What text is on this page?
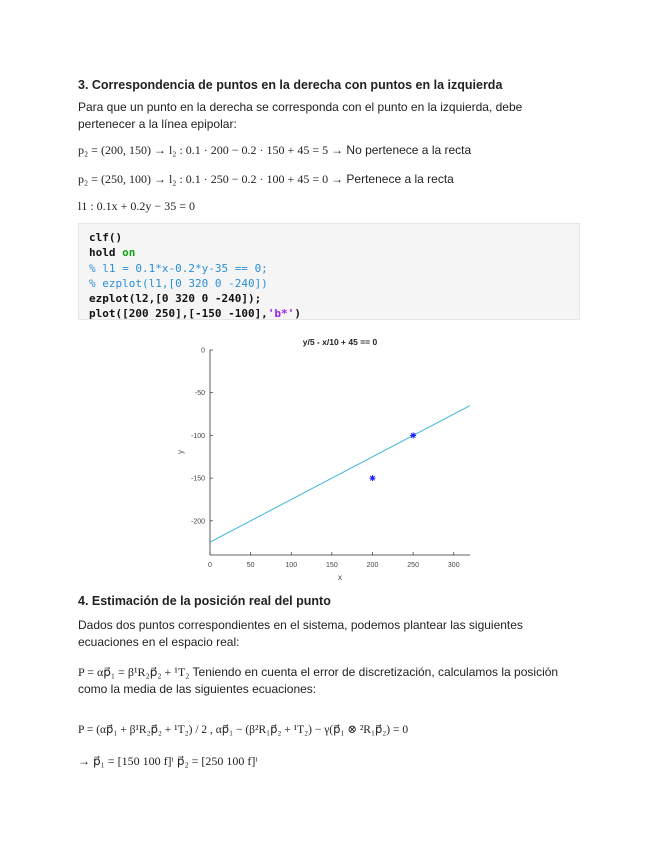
3. Correspondencia de puntos en la derecha con puntos en la izquierda
Para que un punto en la derecha se corresponda con el punto en la izquierda, debe pertenecer a la línea epipolar:
p₂ = (200, 150) → l₂ : 0.1 · 200 − 0.2 · 150 + 45 = 5 → No pertenece a la recta
p₂ = (250, 100) → l₂ : 0.1 · 250 − 0.2 · 100 + 45 = 0 → Pertenece a la recta
l1 : 0.1x + 0.2y − 35 = 0
clf()
hold on
% l1 = 0.1*x-0.2*y-35 == 0;
% ezplot(l1,[0 320 0 -240])
ezplot(l2,[0 320 0 -240]);
plot([200 250],[-150 -100],'b*')
y/5 - x/10 + 45 == 0
0	50	100	150	200	250	300
0
-50
-100
-150
-200
x
y
4. Estimación de la posición real del punto
Dados dos puntos correspondientes en el sistema, podemos plantear las siguientes ecuaciones en el espacio real:
P = αp⃗₁ = β¹R₂p⃗₂ + ¹T₂ Teniendo en cuenta el error de discretización, calculamos la posición como la media de las siguientes ecuaciones:
P = (αp⃗₁ + β¹R₂p⃗₂ + ¹T₂) / 2 , αp⃗₁ − (β²R₁p⃗₂ + ¹T₂) − γ(p⃗₁ ⊗ ²R₁p⃗₂) = 0
→ p⃗₁ = [150 100 f]ᵗ p⃗₂ = [250 100 f]ᵗ
